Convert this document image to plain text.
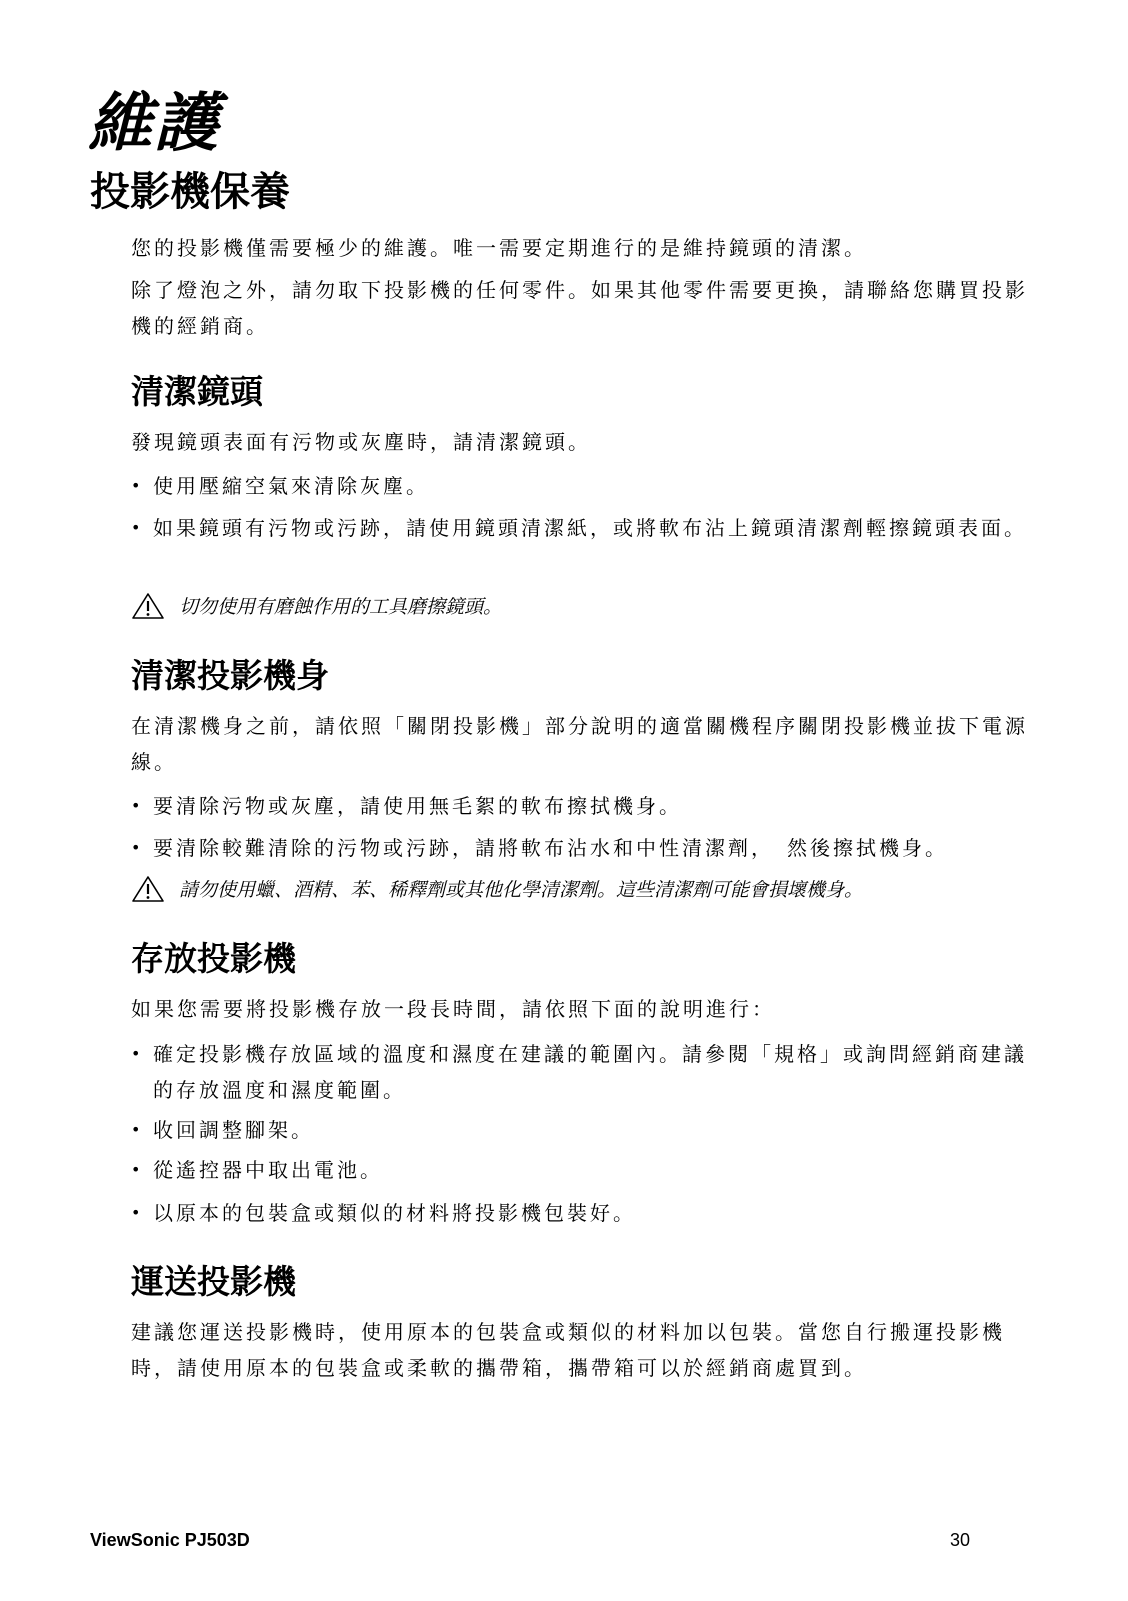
維護
投影機保養

您的投影機僅需要極少的維護。唯一需要定期進行的是維持鏡頭的清潔。

除了燈泡之外，請勿取下投影機的任何零件。如果其他零件需要更換，請聯絡您購買投影機的經銷商。

清潔鏡頭

發現鏡頭表面有污物或灰塵時，請清潔鏡頭。

• 使用壓縮空氣來清除灰塵。
• 如果鏡頭有污物或污跡，請使用鏡頭清潔紙，或將軟布沾上鏡頭清潔劑輕擦鏡頭表面。
切勿使用有磨蝕作用的工具磨擦鏡頭。
清潔投影機身

在清潔機身之前，請依照「關閉投影機」部分說明的適當關機程序關閉投影機並拔下電源線。

• 要清除污物或灰塵，請使用無毛絮的軟布擦拭機身。
• 要清除較難清除的污物或污跡，請將軟布沾水和中性清潔劑，　然後擦拭機身。
請勿使用蠟、酒精、苯、稀釋劑或其他化學清潔劑。這些清潔劑可能會損壞機身。
存放投影機

如果您需要將投影機存放一段長時間，請依照下面的說明進行：

• 確定投影機存放區域的溫度和濕度在建議的範圍內。請參閱「規格」或詢問經銷商建議的存放溫度和濕度範圍。
• 收回調整腳架。
• 從遙控器中取出電池。
• 以原本的包裝盒或類似的材料將投影機包裝好。
運送投影機

建議您運送投影機時，使用原本的包裝盒或類似的材料加以包裝。當您自行搬運投影機時，請使用原本的包裝盒或柔軟的攜帶箱，攜帶箱可以於經銷商處買到。

ViewSonic PJ503D	30
